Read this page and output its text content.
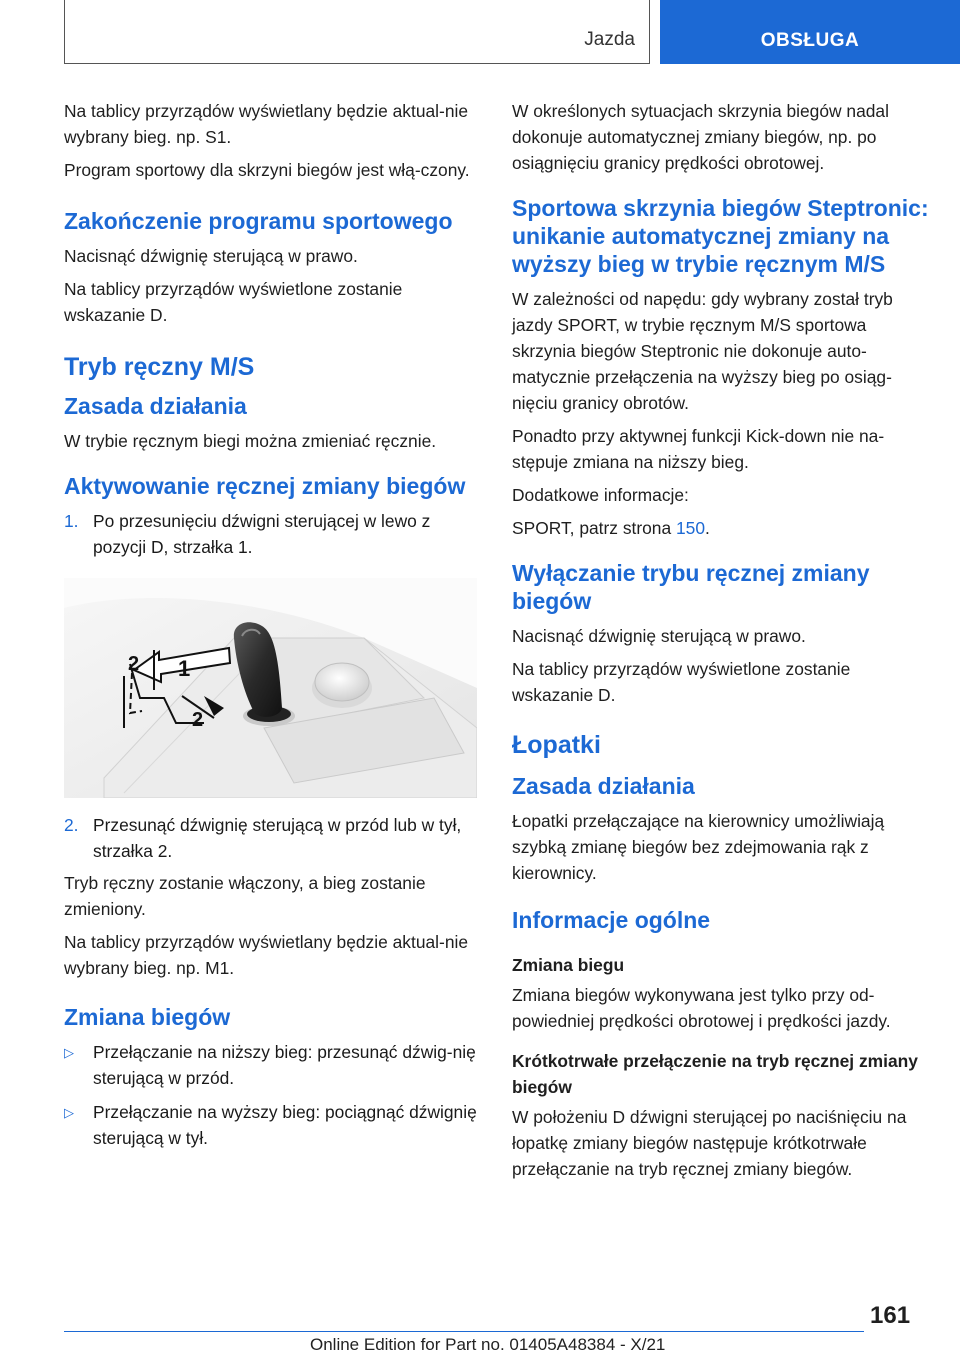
Jazda	OBSŁUGA

Na tablicy przyrządów wyświetlany będzie aktual-nie wybrany bieg. np. S1.

Program sportowy dla skrzyni biegów jest włą-czony.

Zakończenie programu sportowego

Nacisnąć dźwignię sterującą w prawo.

Na tablicy przyrządów wyświetlone zostanie wskazanie D.

Tryb ręczny M/S
Zasada działania

W trybie ręcznym biegi można zmieniać ręcznie.

Aktywowanie ręcznej zmiany biegów
1. Po przesunięciu dźwigni sterującej w lewo z pozycji D, strzałka 1.
1
2
2
2. Przesunąć dźwignię sterującą w przód lub w tył, strzałka 2.

Tryb ręczny zostanie włączony, a bieg zostanie zmieniony.

Na tablicy przyrządów wyświetlany będzie aktual-nie wybrany bieg. np. M1.

Zmiana biegów
▷	Przełączanie na niższy bieg: przesunąć dźwig-nię sterującą w przód.
▷	Przełączanie na wyższy bieg: pociągnąć dźwignię sterującą w tył.

W określonych sytuacjach skrzynia biegów nadal dokonuje automatycznej zmiany biegów, np. po osiągnięciu granicy prędkości obrotowej.

Sportowa skrzynia biegów Steptronic: unikanie automatycznej zmiany na wyższy bieg w trybie ręcznym M/S

W zależności od napędu: gdy wybrany został tryb jazdy SPORT, w trybie ręcznym M/S sportowa skrzynia biegów Steptronic nie dokonuje auto-matycznie przełączenia na wyższy bieg po osiąg-nięciu granicy obrotów.

Ponadto przy aktywnej funkcji Kick-down nie na-stępuje zmiana na niższy bieg.

Dodatkowe informacje:

SPORT, patrz strona 150.

Wyłączanie trybu ręcznej zmiany biegów

Nacisnąć dźwignię sterującą w prawo.

Na tablicy przyrządów wyświetlone zostanie wskazanie D.

Łopatki
Zasada działania

Łopatki przełączające na kierownicy umożliwiają szybką zmianę biegów bez zdejmowania rąk z kierownicy.

Informacje ogólne
Zmiana biegu

Zmiana biegów wykonywana jest tylko przy od-powiedniej prędkości obrotowej i prędkości jazdy.

Krótkotrwałe przełączenie na tryb ręcznej zmiany biegów

W położeniu D dźwigni sterującej po naciśnięciu na łopatkę zmiany biegów następuje krótkotrwałe przełączanie na tryb ręcznej zmiany biegów.

161
Online Edition for Part no. 01405A48384 - X/21
